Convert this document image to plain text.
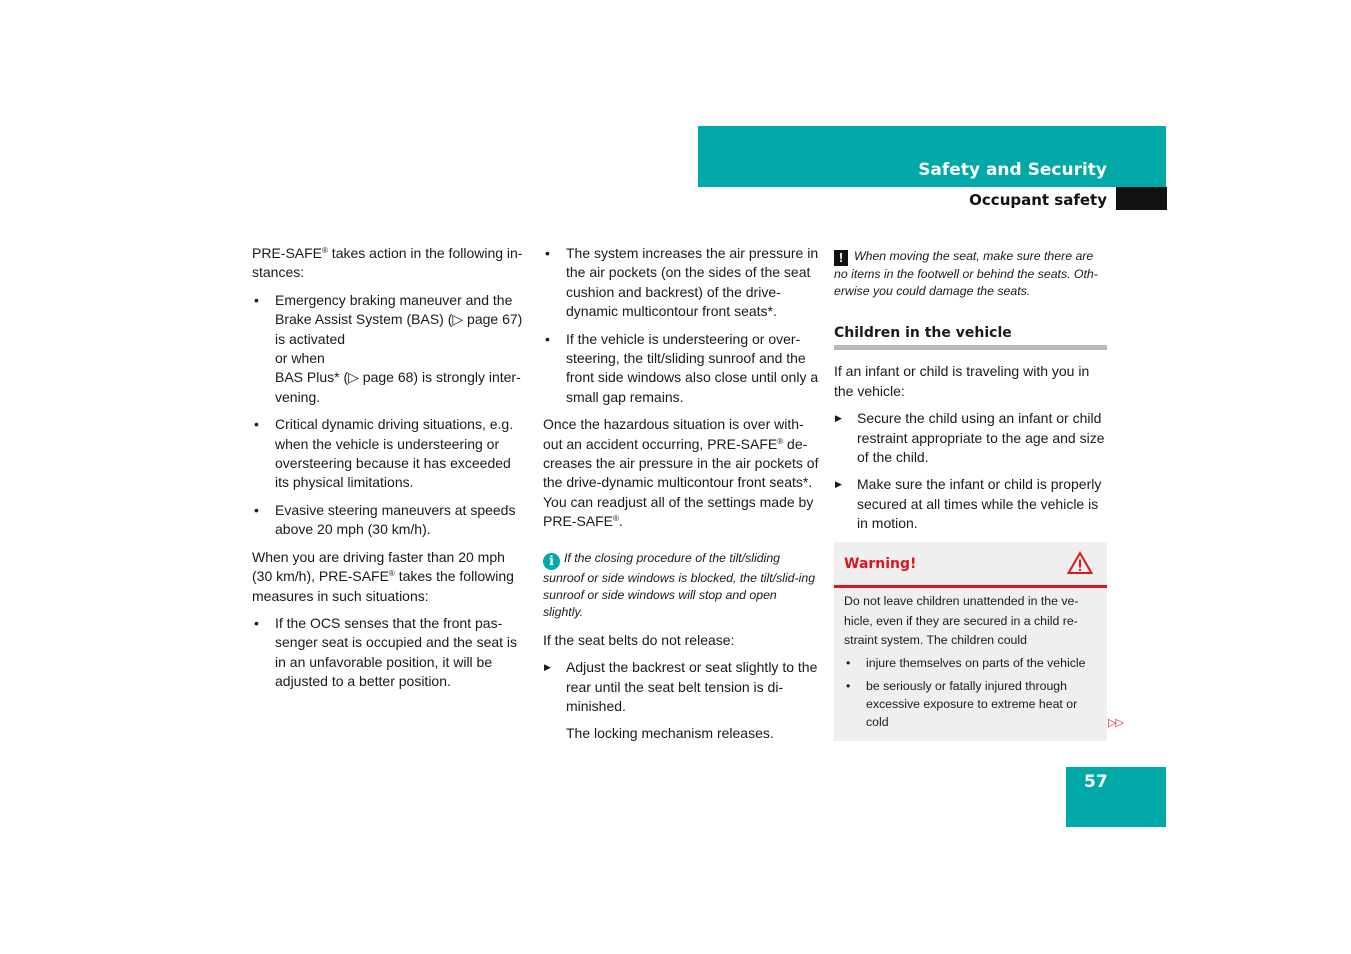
Safety and Security
Occupant safety

PRE-SAFE® takes action in the following in-stances:

• Emergency braking maneuver and the Brake Assist System (BAS) (▷ page 67) is activated
or when
BAS Plus* (▷ page 68) is strongly inter-vening.
• Critical dynamic driving situations, e.g. when the vehicle is understeering or oversteering because it has exceeded its physical limitations.
• Evasive steering maneuvers at speeds above 20 mph (30 km/h).

When you are driving faster than 20 mph (30 km/h), PRE-SAFE® takes the following measures in such situations:

• If the OCS senses that the front pas-senger seat is occupied and the seat is in an unfavorable position, it will be adjusted to a better position.
• The system increases the air pressure in the air pockets (on the sides of the seat cushion and backrest) of the drive-dynamic multicontour front seats*.
• If the vehicle is understeering or over-steering, the tilt/sliding sunroof and the front side windows also close until only a small gap remains.

Once the hazardous situation is over with-out an accident occurring, PRE-SAFE® de-creases the air pressure in the air pockets of the drive-dynamic multicontour front seats*. You can readjust all of the settings made by PRE-SAFE®.

i If the closing procedure of the tilt/sliding sunroof or side windows is blocked, the tilt/slid-ing sunroof or side windows will stop and open slightly.

If the seat belts do not release:

▶ Adjust the backrest or seat slightly to the rear until the seat belt tension is di-minished.

The locking mechanism releases.

! When moving the seat, make sure there are no items in the footwell or behind the seats. Oth-erwise you could damage the seats.
Children in the vehicle

If an infant or child is traveling with you in the vehicle:

▶ Secure the child using an infant or child restraint appropriate to the age and size of the child.
▶ Make sure the infant or child is properly secured at all times while the vehicle is in motion.
Warning!

Do not leave children unattended in the ve-hicle, even if they are secured in a child re-straint system. The children could

• injure themselves on parts of the vehicle
• be seriously or fatally injured through excessive exposure to extreme heat or cold	▷▷
57
